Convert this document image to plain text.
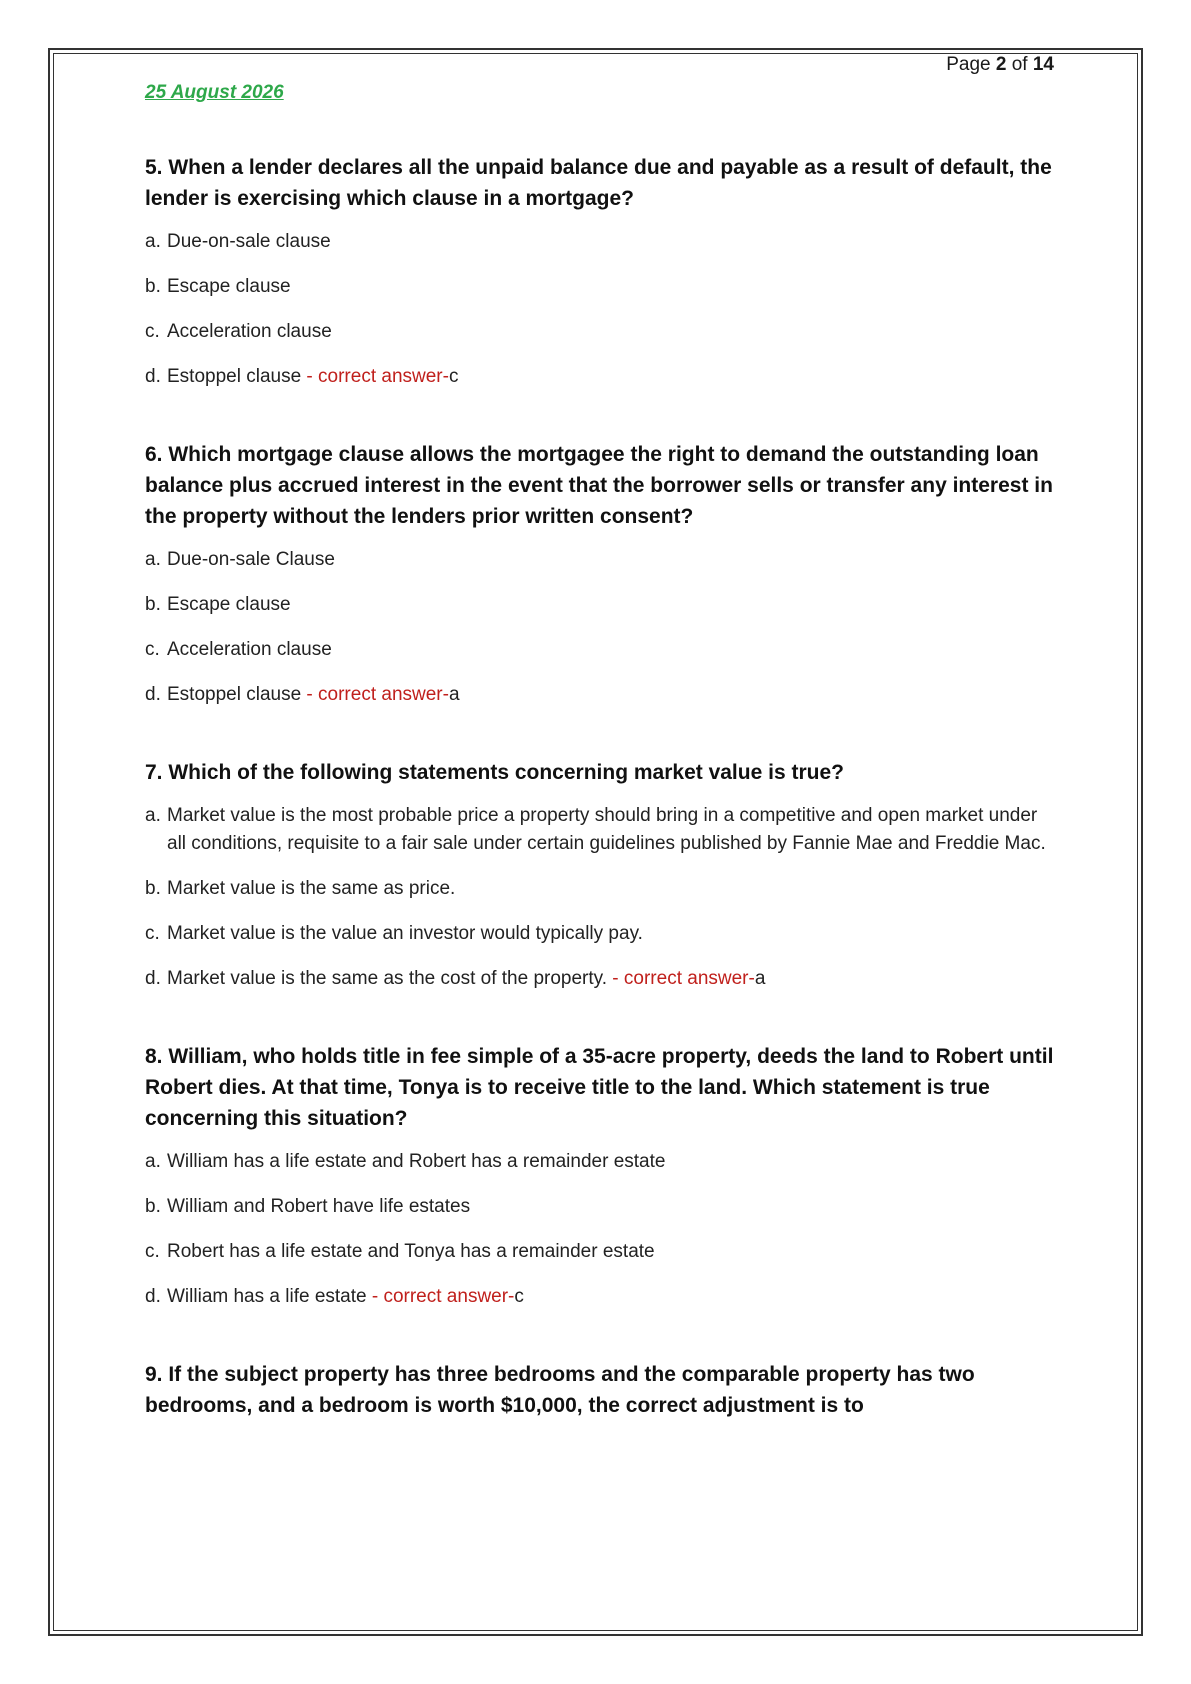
Page 2 of 14
25 August 2026
5. When a lender declares all the unpaid balance due and payable as a result of default, the lender is exercising which clause in a mortgage?
a. Due-on-sale clause
b. Escape clause
c. Acceleration clause
d. Estoppel clause - correct answer-c
6. Which mortgage clause allows the mortgagee the right to demand the outstanding loan balance plus accrued interest in the event that the borrower sells or transfer any interest in the property without the lenders prior written consent?
a. Due-on-sale Clause
b. Escape clause
c. Acceleration clause
d. Estoppel clause - correct answer-a
7. Which of the following statements concerning market value is true?
a. Market value is the most probable price a property should bring in a competitive and open market under all conditions, requisite to a fair sale under certain guidelines published by Fannie Mae and Freddie Mac.
b. Market value is the same as price.
c. Market value is the value an investor would typically pay.
d. Market value is the same as the cost of the property. - correct answer-a
8. William, who holds title in fee simple of a 35-acre property, deeds the land to Robert until Robert dies. At that time, Tonya is to receive title to the land. Which statement is true concerning this situation?
a. William has a life estate and Robert has a remainder estate
b. William and Robert have life estates
c. Robert has a life estate and Tonya has a remainder estate
d. William has a life estate - correct answer-c
9. If the subject property has three bedrooms and the comparable property has two bedrooms, and a bedroom is worth $10,000, the correct adjustment is to
